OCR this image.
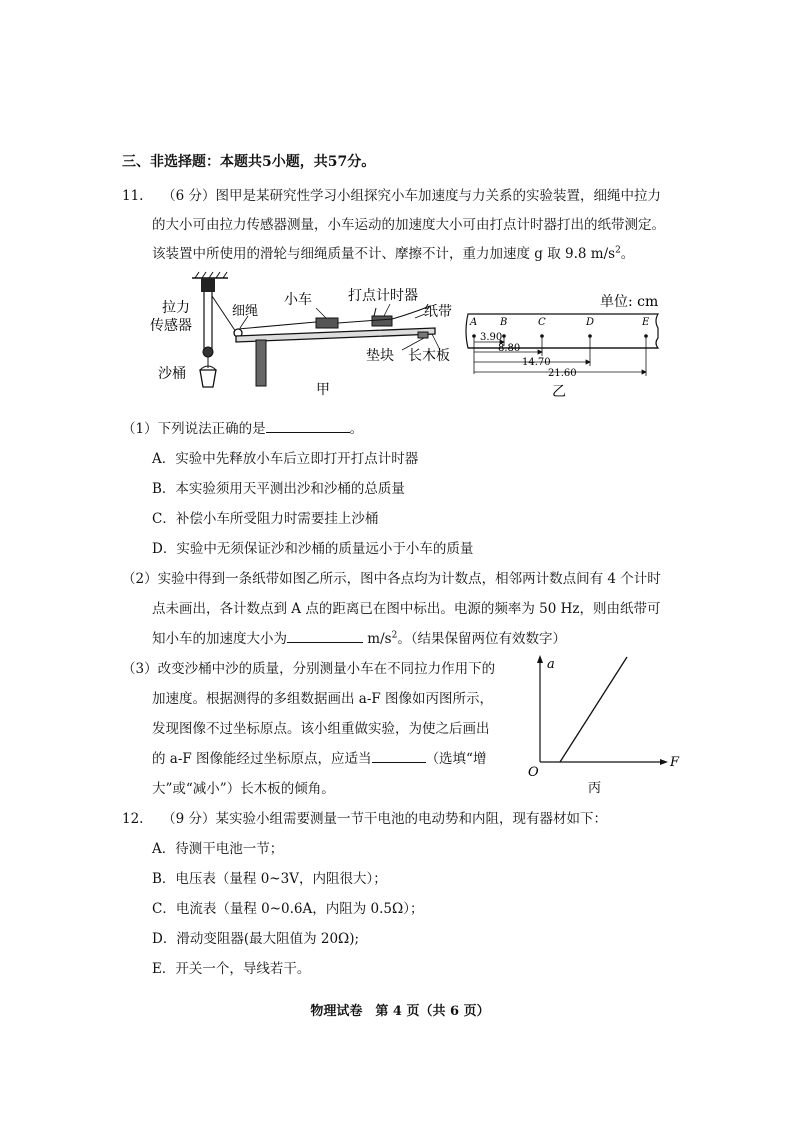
三、非选择题：本题共5小题，共57分。
11. （6 分）图甲是某研究性学习小组探究小车加速度与力关系的实验装置，细绳中拉力
的大小可由拉力传感器测量，小车运动的加速度大小可由打点计时器打出的纸带测定。
该装置中所使用的滑轮与细绳质量不计、摩擦不计，重力加速度 g 取 9.8 $m/s^2$。
拉力
传感器
细绳
小车	打点计时器
纸带
沙桶
垫块 长木板
甲
单位: cm
A B	C	D	E
3.90
8.80
14.70
21.60
乙
（1）下列说法正确的是	。
A．实验中先释放小车后立即打开打点计时器
B．本实验须用天平测出沙和沙桶的总质量
C．补偿小车所受阻力时需要挂上沙桶
D．实验中无须保证沙和沙桶的质量远小于小车的质量
（2）实验中得到一条纸带如图乙所示，图中各点均为计数点，相邻两计数点间有 4 个计时
点未画出，各计数点到 A 点的距离已在图中标出。电源的频率为 50 Hz，则由纸带可
知小车的加速度大小为	$m/s^2$。（结果保留两位有效数字）
（3）改变沙桶中沙的质量，分别测量小车在不同拉力作用下的
加速度。根据测得的多组数据画出 a-F 图像如丙图所示，
发现图像不过坐标原点。该小组重做实验，为使之后画出
的 a-F 图像能经过坐标原点，应适当	（选填“增
大”或“减小”）长木板的倾角。
a
F
O
丙
12. （9 分）某实验小组需要测量一节干电池的电动势和内阻，现有器材如下：
A．待测干电池一节；
B．电压表（量程 0~3V，内阻很大）；
C．电流表（量程 0~0.6A，内阻为 0.5Ω）；
D．滑动变阻器(最大阻值为 20Ω);
E．开关一个，导线若干。
物理试卷　第 4 页（共 6 页）
